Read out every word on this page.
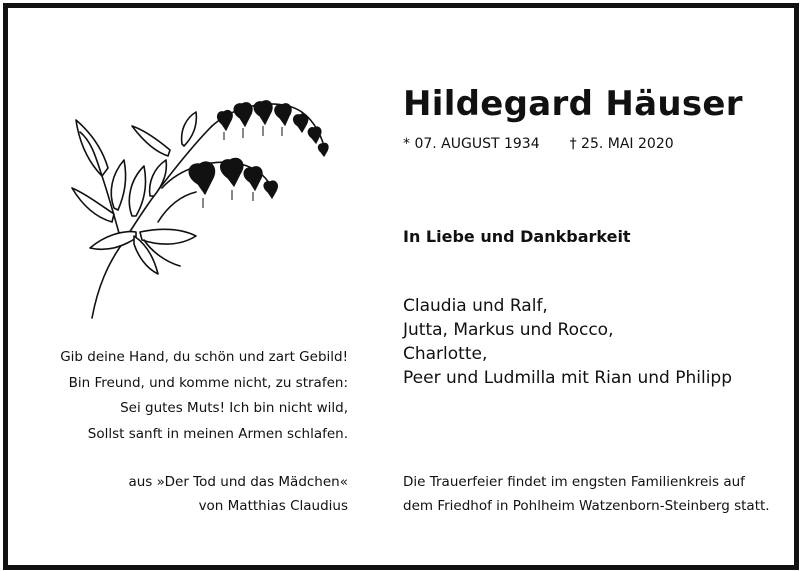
Hildegard Häuser
* 07. AUGUST 1934 † 25. MAI 2020
In Liebe und Dankbarkeit
Claudia und Ralf,
Jutta, Markus und Rocco,
Charlotte,
Peer und Ludmilla mit Rian und Philipp
Gib deine Hand, du schön und zart Gebild!
Bin Freund, und komme nicht, zu strafen:
Sei gutes Muts! Ich bin nicht wild,
Sollst sanft in meinen Armen schlafen.
aus »Der Tod und das Mädchen«
von Matthias Claudius
Die Trauerfeier findet im engsten Familienkreis auf
dem Friedhof in Pohlheim Watzenborn-Steinberg statt.
